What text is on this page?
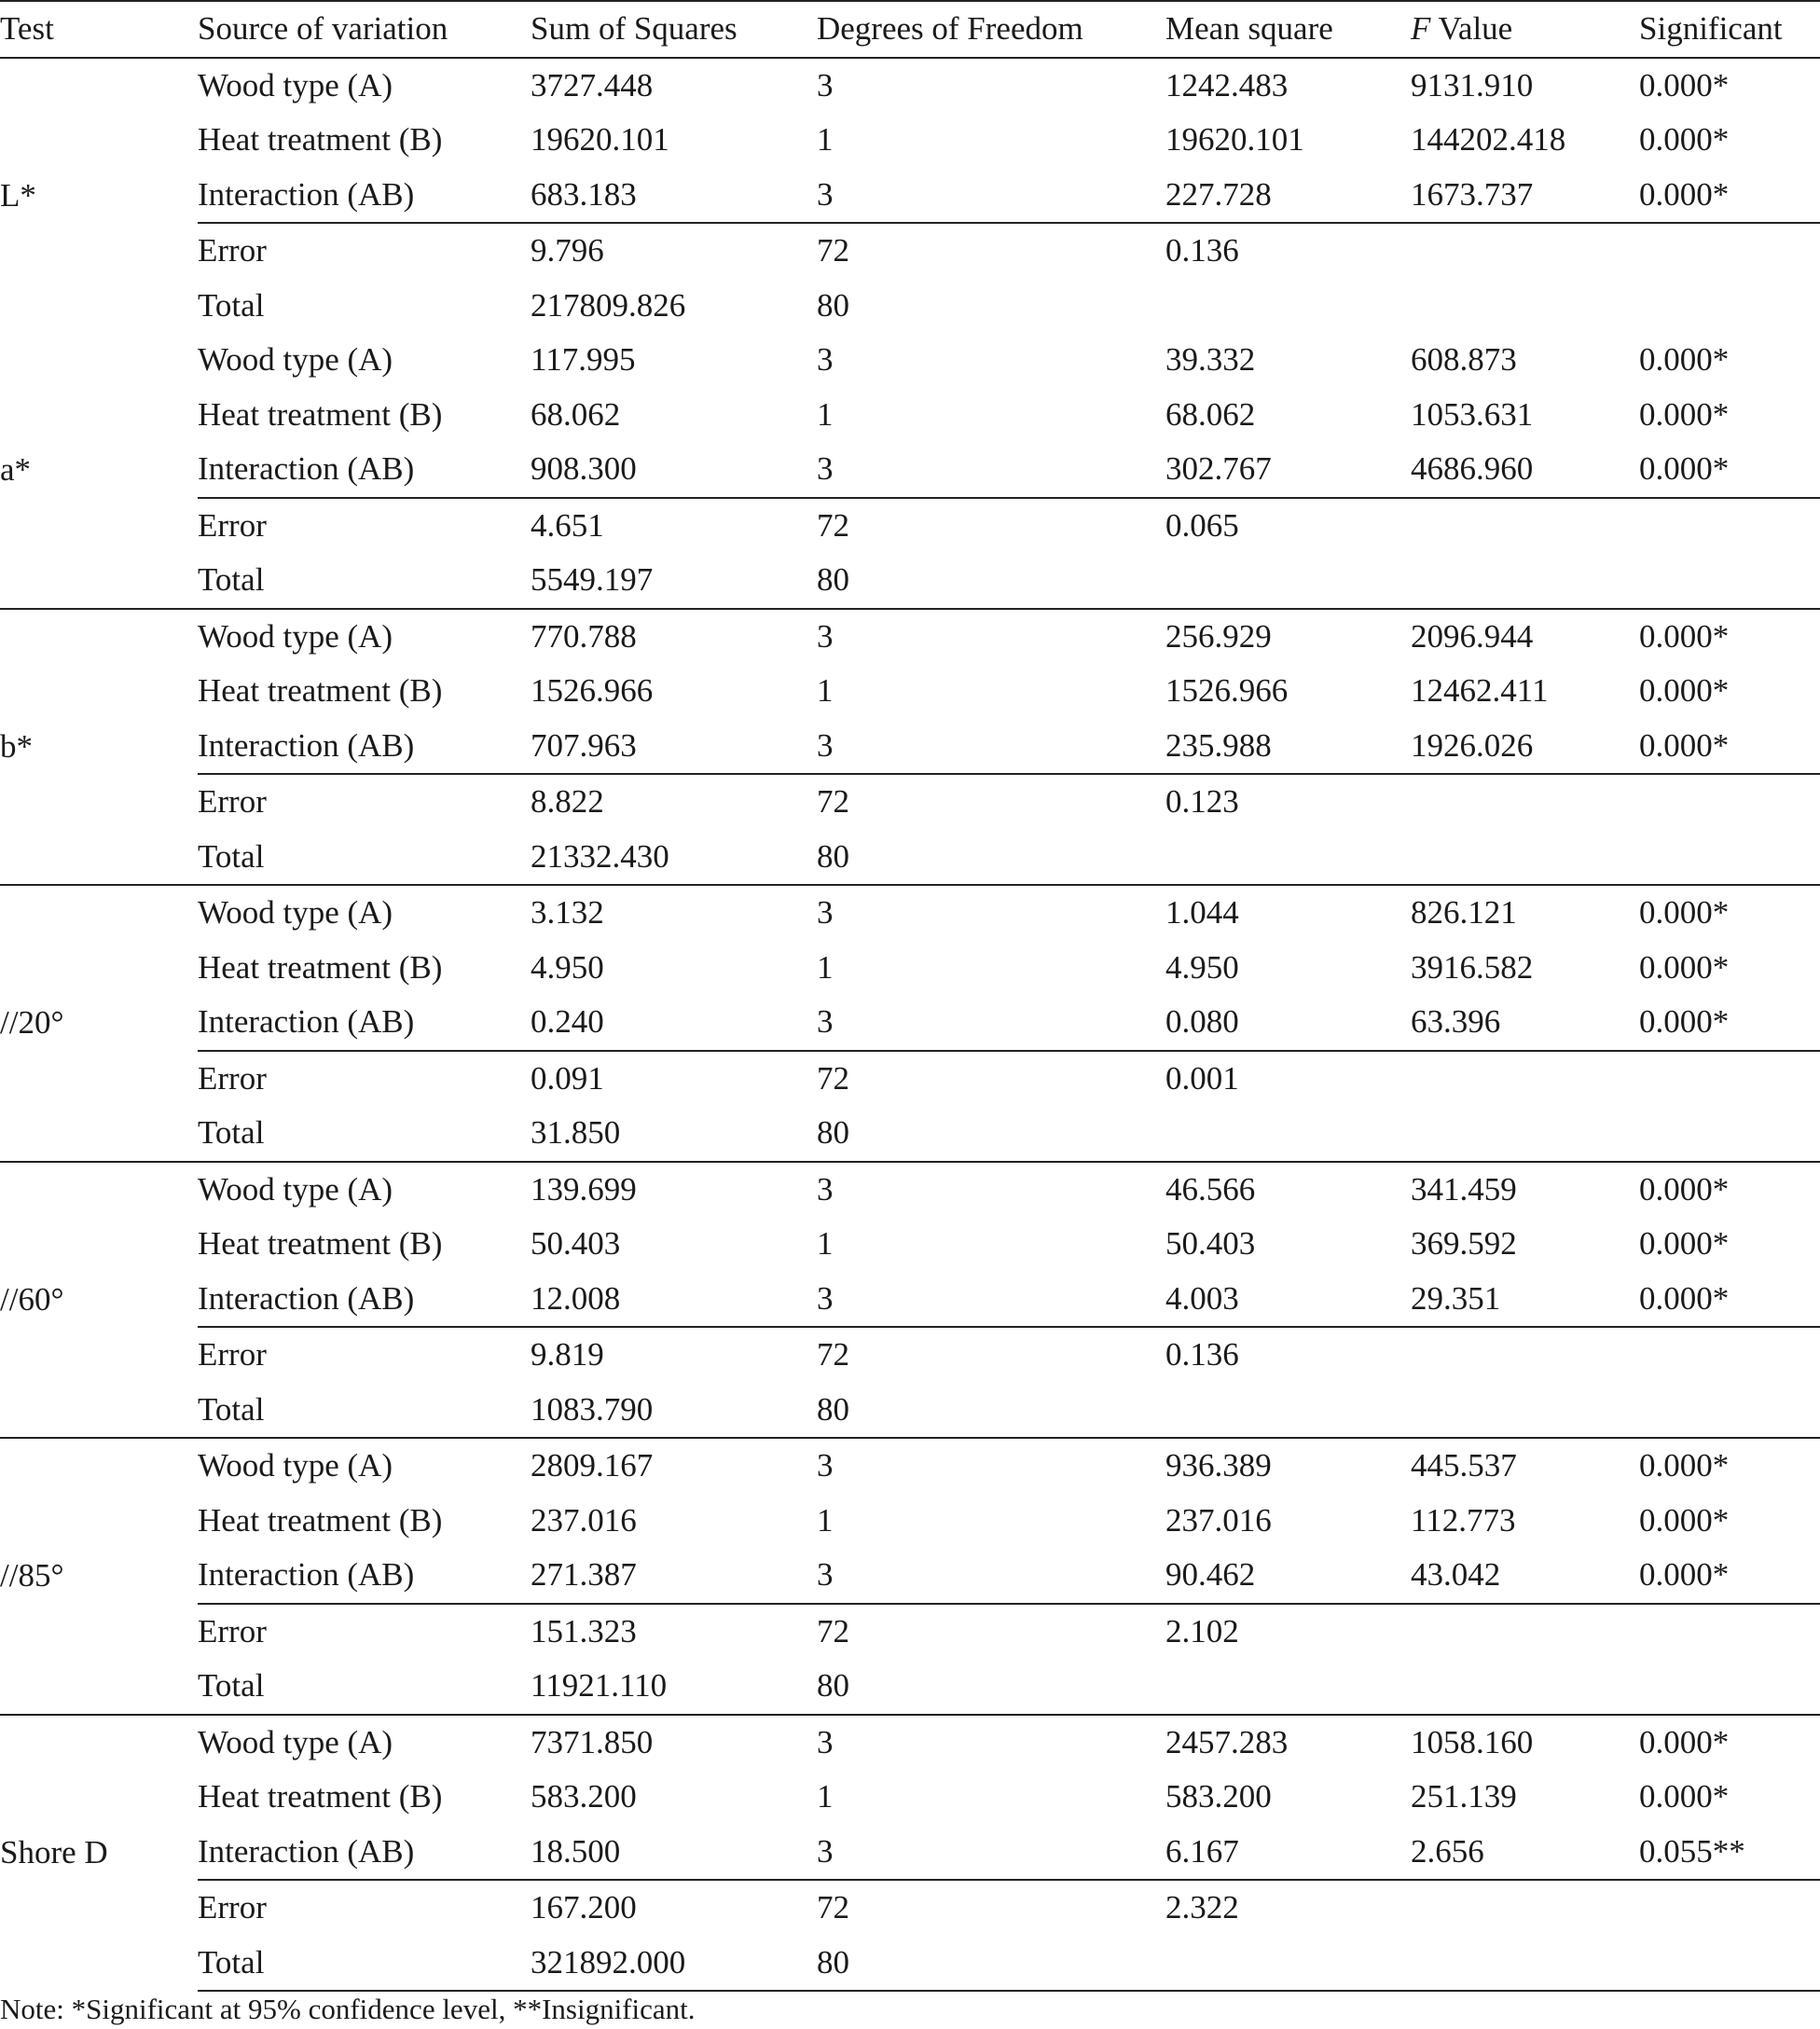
Test	Source of variation	Sum of Squares	Degrees of Freedom	Mean square	F Value	Significant
L*	Wood type (A)	3727.448	3	1242.483	9131.910	0.000*
	Heat treatment (B)	19620.101	1	19620.101	144202.418	0.000*
	Interaction (AB)	683.183	3	227.728	1673.737	0.000*
	Error	9.796	72	0.136		
	Total	217809.826	80			
a*	Wood type (A)	117.995	3	39.332	608.873	0.000*
	Heat treatment (B)	68.062	1	68.062	1053.631	0.000*
	Interaction (AB)	908.300	3	302.767	4686.960	0.000*
	Error	4.651	72	0.065		
	Total	5549.197	80			
b*	Wood type (A)	770.788	3	256.929	2096.944	0.000*
	Heat treatment (B)	1526.966	1	1526.966	12462.411	0.000*
	Interaction (AB)	707.963	3	235.988	1926.026	0.000*
	Error	8.822	72	0.123		
	Total	21332.430	80			
//20°	Wood type (A)	3.132	3	1.044	826.121	0.000*
	Heat treatment (B)	4.950	1	4.950	3916.582	0.000*
	Interaction (AB)	0.240	3	0.080	63.396	0.000*
	Error	0.091	72	0.001		
	Total	31.850	80			
//60°	Wood type (A)	139.699	3	46.566	341.459	0.000*
	Heat treatment (B)	50.403	1	50.403	369.592	0.000*
	Interaction (AB)	12.008	3	4.003	29.351	0.000*
	Error	9.819	72	0.136		
	Total	1083.790	80			
//85°	Wood type (A)	2809.167	3	936.389	445.537	0.000*
	Heat treatment (B)	237.016	1	237.016	112.773	0.000*
	Interaction (AB)	271.387	3	90.462	43.042	0.000*
	Error	151.323	72	2.102		
	Total	11921.110	80			
Shore D	Wood type (A)	7371.850	3	2457.283	1058.160	0.000*
	Heat treatment (B)	583.200	1	583.200	251.139	0.000*
	Interaction (AB)	18.500	3	6.167	2.656	0.055**
	Error	167.200	72	2.322		
	Total	321892.000	80			
Note: *Significant at 95% confidence level, **Insignificant.
